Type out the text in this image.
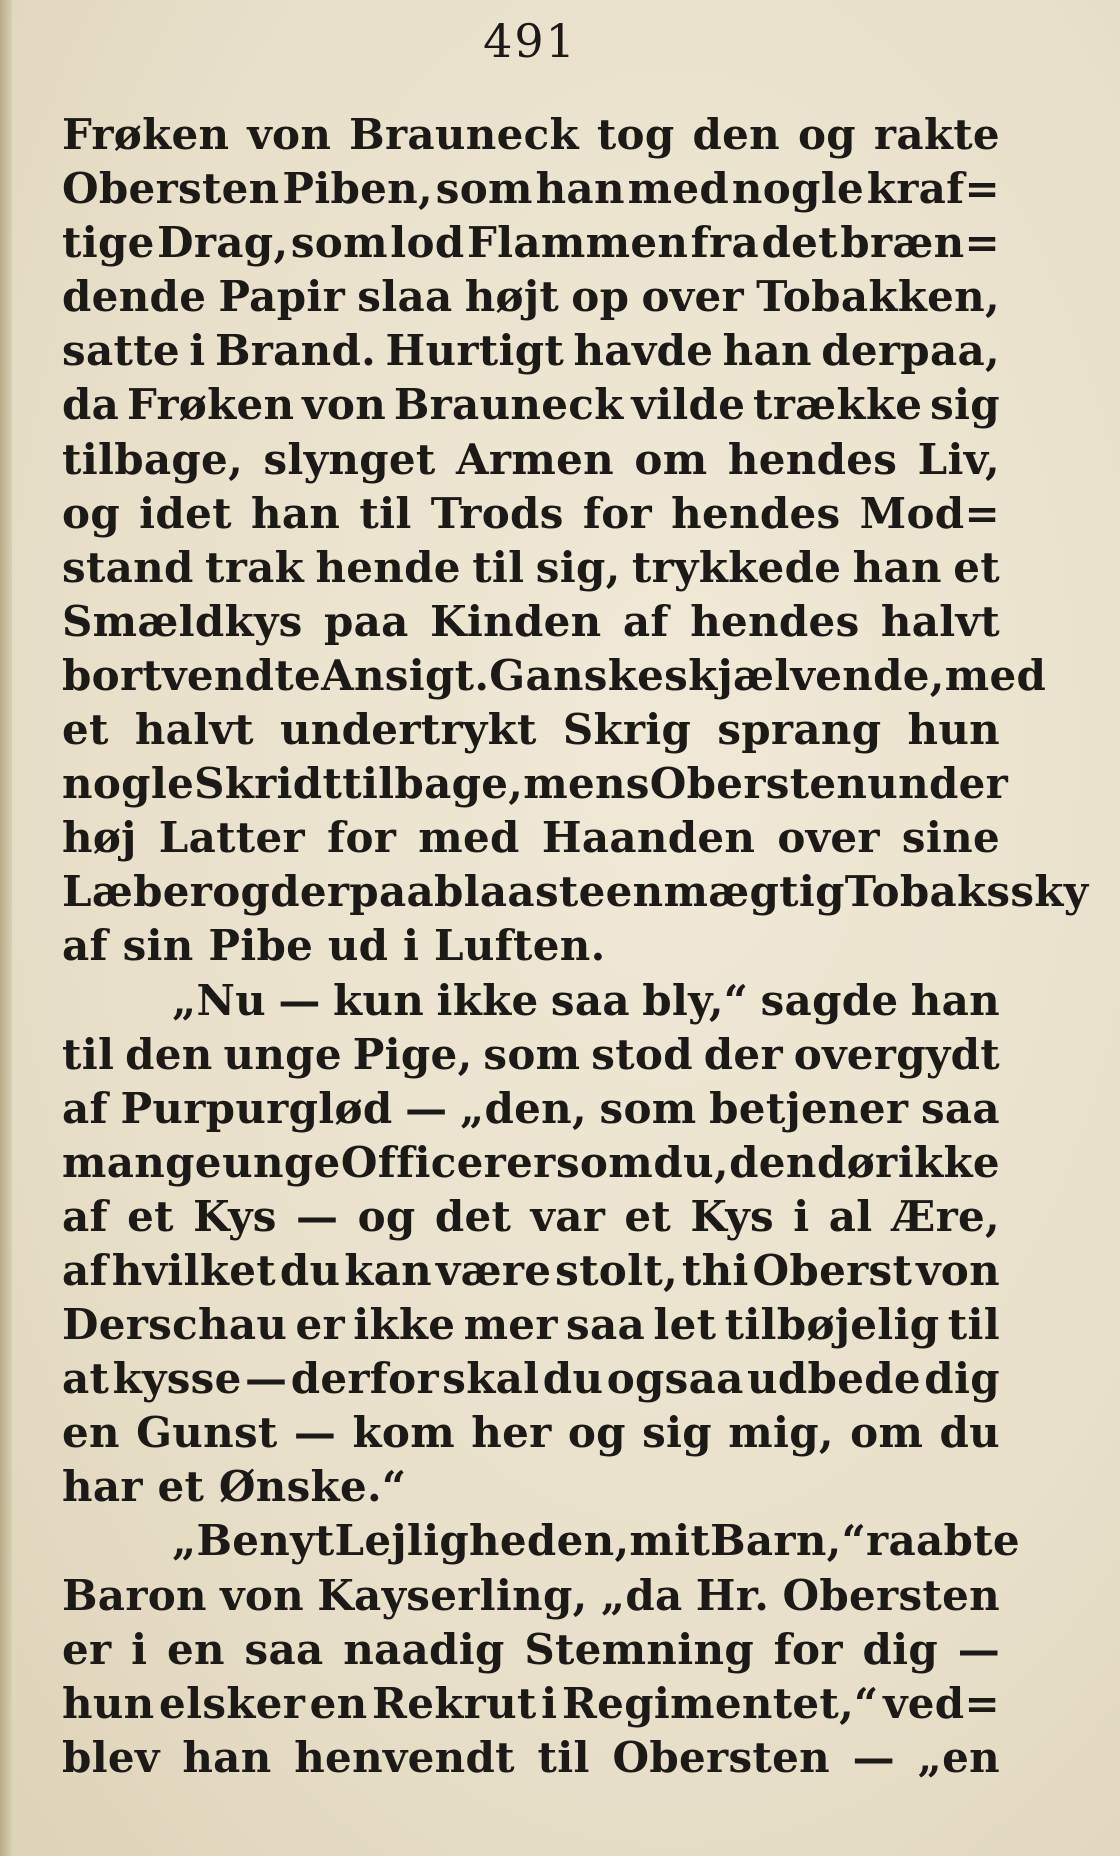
491
Frøken von Brauneck tog den og rakte
Obersten Piben, som han med nogle kraf=
tige Drag, som lod Flammen fra det bræn=
dende Papir slaa højt op over Tobakken,
satte i Brand. Hurtigt havde han derpaa,
da Frøken von Brauneck vilde trække sig
tilbage, slynget Armen om hendes Liv,
og idet han til Trods for hendes Mod=
stand trak hende til sig, trykkede han et
Smældkys paa Kinden af hendes halvt
bortvendte Ansigt. Ganske skjælvende, med
et halvt undertrykt Skrig sprang hun
nogle Skridt tilbage, mens Obersten under
høj Latter for med Haanden over sine
Læber og derpaa blaaste en mægtig Tobakssky
af sin Pibe ud i Luften.
„Nu — kun ikke saa bly,“ sagde han
til den unge Pige, som stod der overgydt
af Purpurglød — „den, som betjener saa
mange unge Officerer som du, den dør ikke
af et Kys — og det var et Kys i al Ære,
af hvilket du kan være stolt, thi Oberst von
Derschau er ikke mer saa let tilbøjelig til
at kysse — derfor skal du ogsaa udbede dig
en Gunst — kom her og sig mig, om du
har et Ønske.“
„Benyt Lejligheden, mit Barn,“ raabte
Baron von Kayserling, „da Hr. Obersten
er i en saa naadig Stemning for dig —
hun elsker en Rekrut i Regimentet,“ ved=
blev han henvendt til Obersten — „en
